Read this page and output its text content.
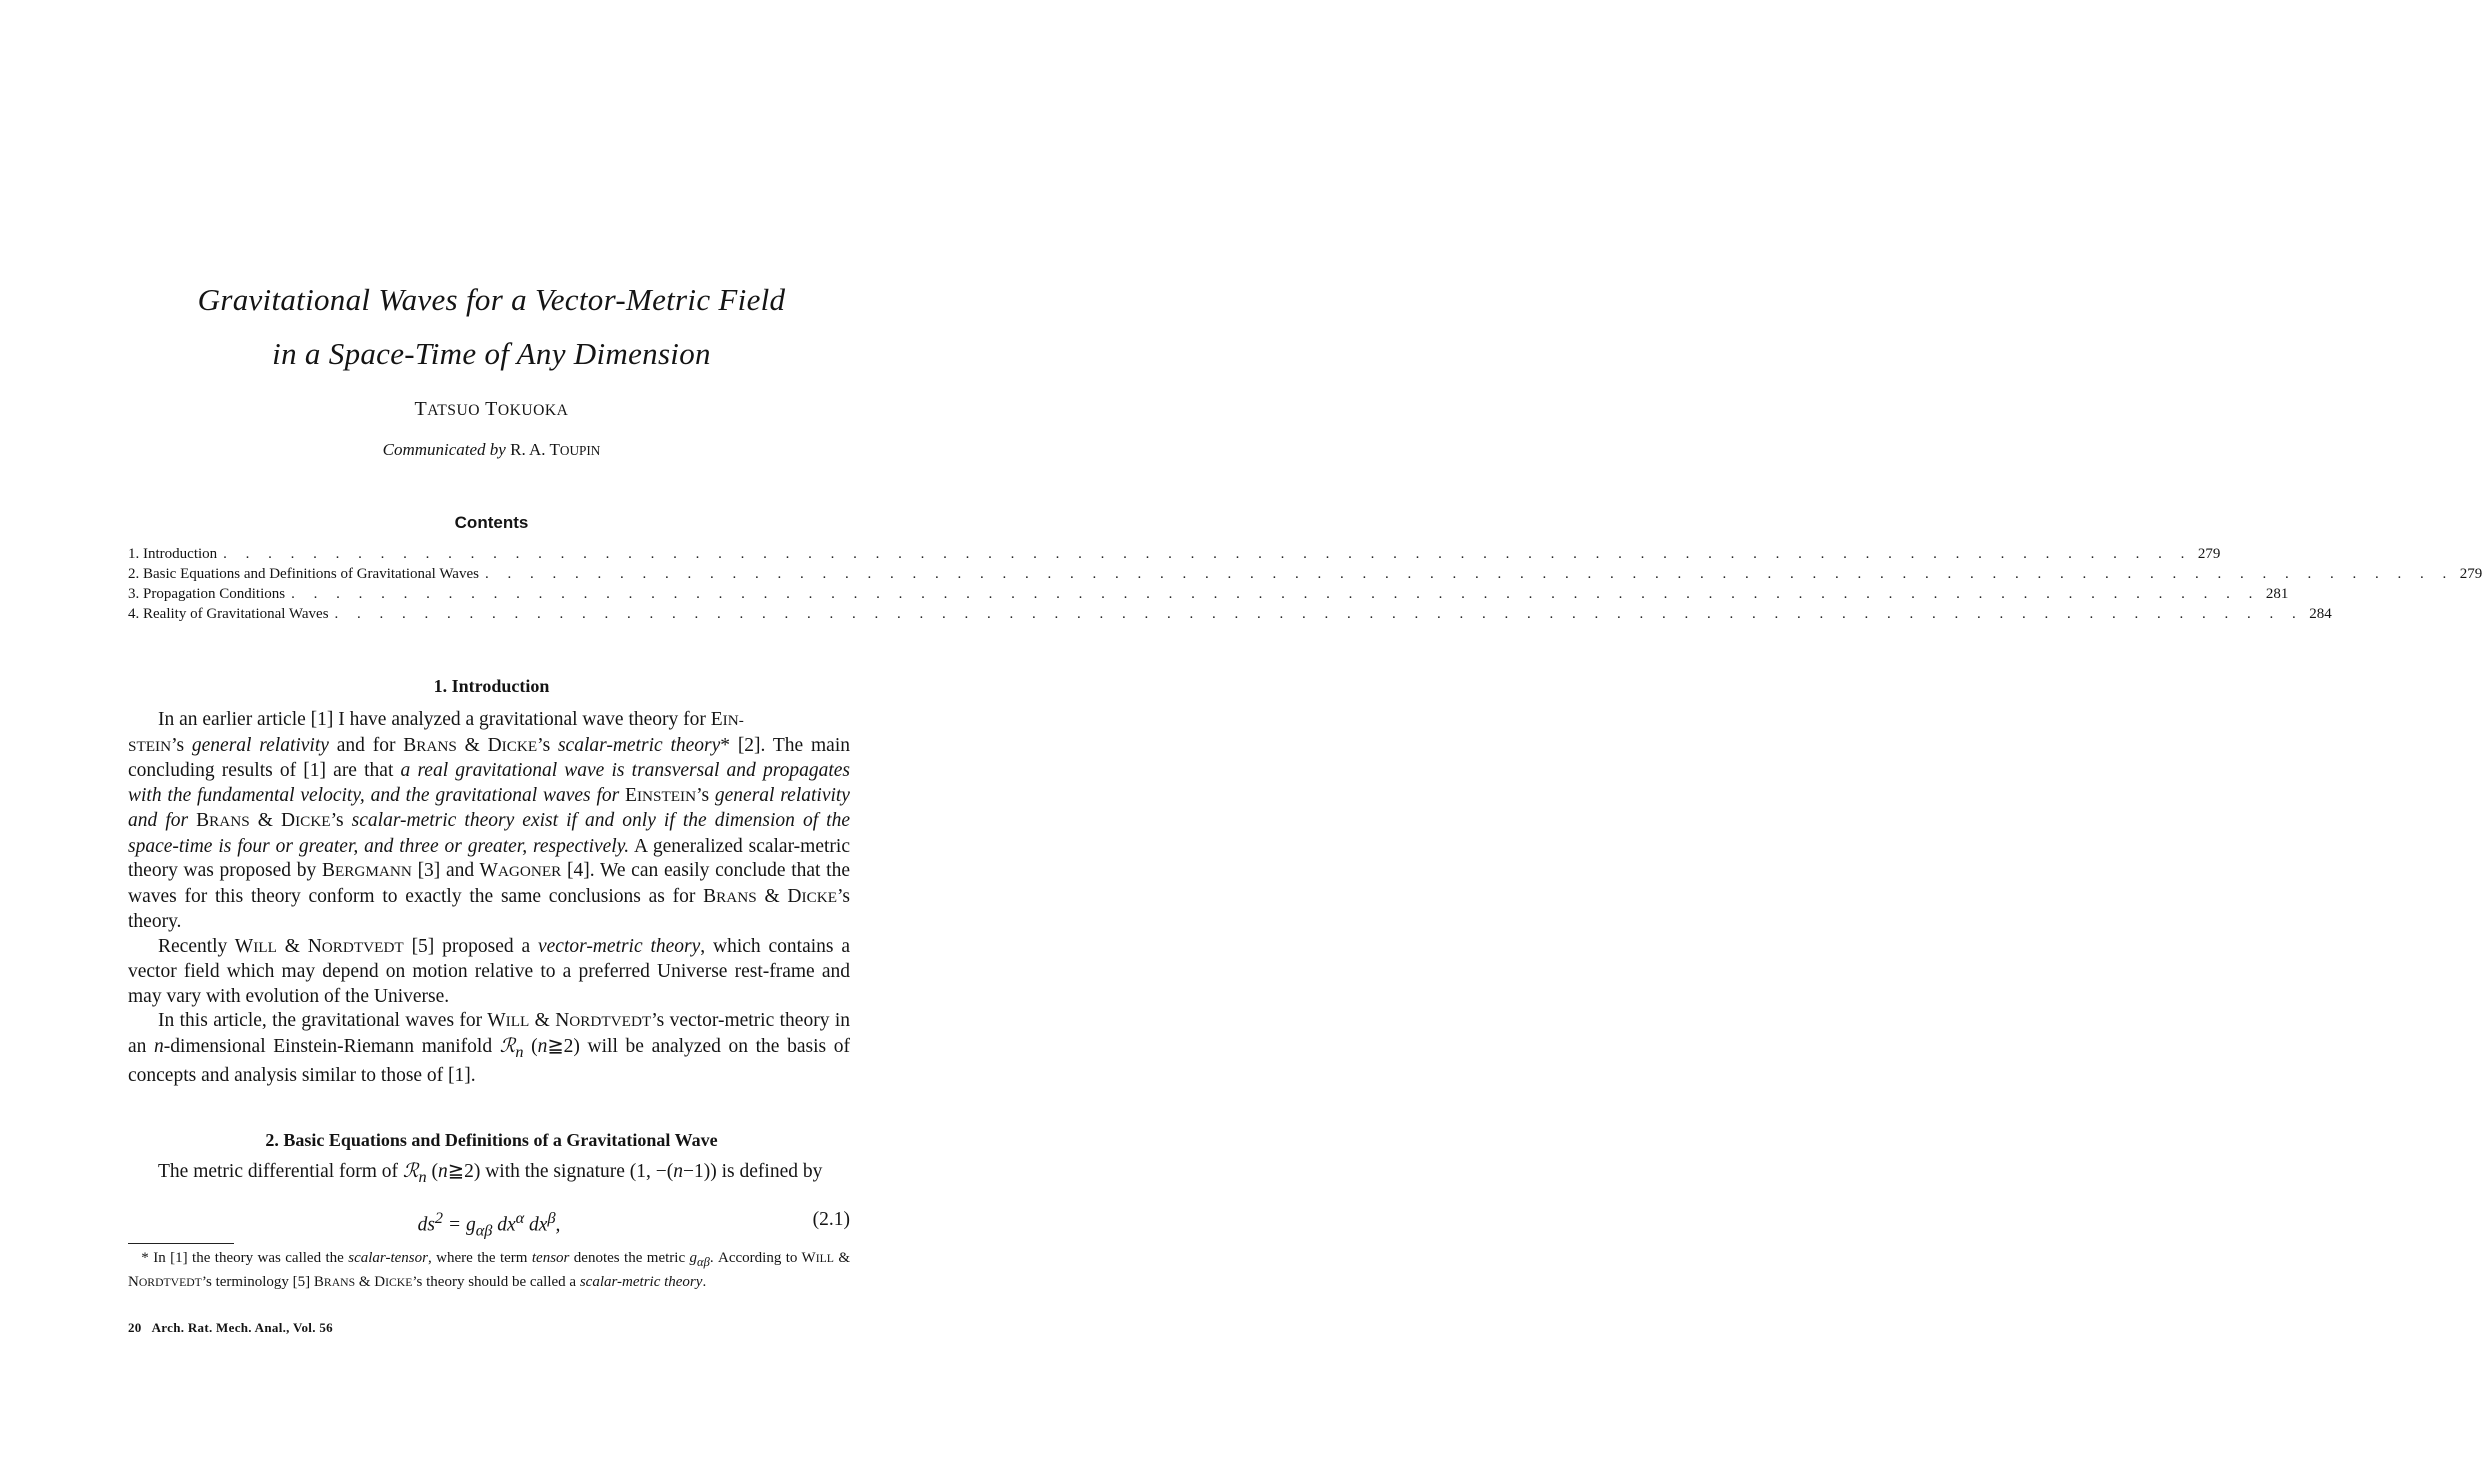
Gravitational Waves for a Vector-Metric Field
in a Space-Time of Any Dimension
TATSUO TOKUOKA
Communicated by R. A. TOUPIN
Contents
1.
Introduction . . . . . . . . . . . . . . . . . . . . . . . . . . . . . . . . . . . . . . . . . . . . . . . . . . . . . . . . . . . . . . . . . . . . . . . . . . . . . . . . . . . . . . . . 279
2.
Basic Equations and Definitions of Gravitational Waves . . . . . . . . . . . . . . . . . . . . . . . . . . . . . . . . . . . . . . . . . . . . . . . . . . . . . . . . . . . . . . . . . . . . . . . . . . . . . . . . . . . . . . . . 279
3.
Propagation Conditions . . . . . . . . . . . . . . . . . . . . . . . . . . . . . . . . . . . . . . . . . . . . . . . . . . . . . . . . . . . . . . . . . . . . . . . . . . . . . . . . . . . . . . . . 281
4.
Reality of Gravitational Waves . . . . . . . . . . . . . . . . . . . . . . . . . . . . . . . . . . . . . . . . . . . . . . . . . . . . . . . . . . . . . . . . . . . . . . . . . . . . . . . . . . . . . . . . 284
1. Introduction

In an earlier article [1] I have analyzed a gravitational wave theory for EIN-
STEIN’s general relativity and for BRANS & DICKE’s scalar-metric theory* [2]. The main concluding results of [1] are that a real gravitational wave is transversal and propagates with the fundamental velocity, and the gravitational waves for EINSTEIN’s general relativity and for BRANS & DICKE’s scalar-metric theory exist if and only if the dimension of the space-time is four or greater, and three or greater, respectively. A generalized scalar-metric theory was proposed by BERGMANN [3] and WAGONER [4]. We can easily conclude that the waves for this theory conform to exactly the same conclusions as for BRANS & DICKE’s theory.

Recently WILL & NORDTVEDT [5] proposed a vector-metric theory, which contains a vector field which may depend on motion relative to a preferred Universe rest-frame and may vary with evolution of the Universe.

In this article, the gravitational waves for WILL & NORDTVEDT’s vector-metric theory in an n-dimensional Einstein-Riemann manifold ℛ$_n$ (n≧2) will be analyzed on the basis of concepts and analysis similar to those of [1].

2. Basic Equations and Definitions of a Gravitational Wave

The metric differential form of ℛ$_n$ (n≧2) with the signature (1, −(n−1)) is defined by

$ds^2 = g_{\alpha\beta}$ $dx^\alpha$ $dx^\beta$,	(2.1)

* In [1] the theory was called the scalar-tensor, where the term tensor denotes the metric $g_{\alpha\beta}$. According to WILL & NORDTVEDT’s terminology [5] BRANS & DICKE’s theory should be called a scalar-metric theory.

20 Arch. Rat. Mech. Anal., Vol. 56
